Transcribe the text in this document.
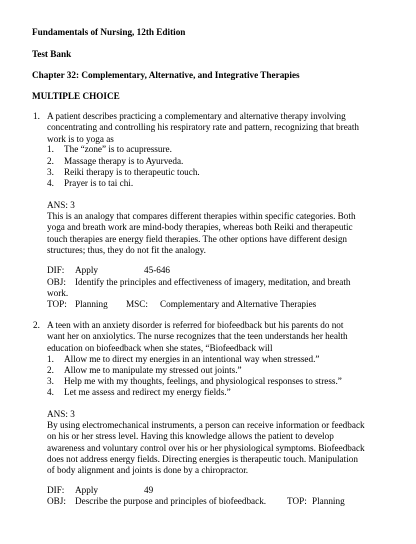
Fundamentals of Nursing, 12th Edition
Test Bank
Chapter 32: Complementary, Alternative, and Integrative Therapies
MULTIPLE CHOICE
1. A patient describes practicing a complementary and alternative therapy involving
concentrating and controlling his respiratory rate and pattern, recognizing that breath
work is to yoga as
1. The “zone” is to acupressure.
2. Massage therapy is to Ayurveda.
3. Reiki therapy is to therapeutic touch.
4. Prayer is to tai chi.
ANS: 3
This is an analogy that compares different therapies within specific categories. Both
yoga and breath work are mind-body therapies, whereas both Reiki and therapeutic
touch therapies are energy field therapies. The other options have different design
structures; thus, they do not fit the analogy.
DIF: Apply	45-646
OBJ: Identify the principles and effectiveness of imagery, meditation, and breath
work.
TOP: Planning MSC: Complementary and Alternative Therapies
2. A teen with an anxiety disorder is referred for biofeedback but his parents do not
want her on anxiolytics. The nurse recognizes that the teen understands her health
education on biofeedback when she states, “Biofeedback will
1. Allow me to direct my energies in an intentional way when stressed.”
2. Allow me to manipulate my stressed out joints.”
3. Help me with my thoughts, feelings, and physiological responses to stress.”
4. Let me assess and redirect my energy fields.”
ANS: 3
By using electromechanical instruments, a person can receive information or feedback
on his or her stress level. Having this knowledge allows the patient to develop
awareness and voluntary control over his or her physiological symptoms. Biofeedback
does not address energy fields. Directing energies is therapeutic touch. Manipulation
of body alignment and joints is done by a chiropractor.
DIF: Apply	49
OBJ: Describe the purpose and principles of biofeedback. TOP: Planning
